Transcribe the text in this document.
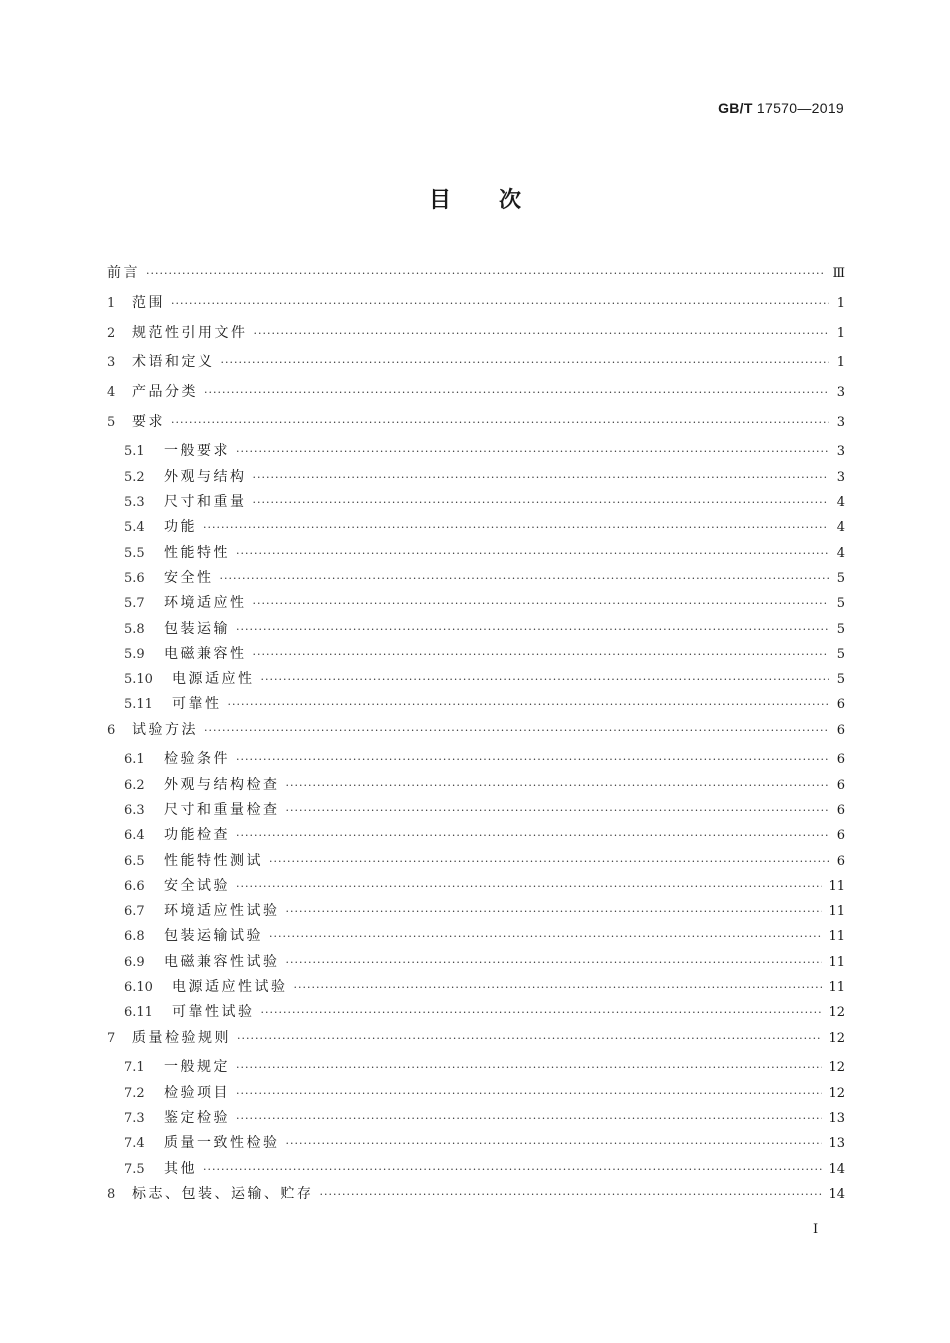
GB/T 17570—2019
目次
前言 ·····	Ⅲ
1	范围 ·····	1
2	规范性引用文件 ·····	1
3	术语和定义 ·····	1
4	产品分类 ·····	3
5	要求 ·····	3
5.1	一般要求 ·····	3
5.2	外观与结构 ·····	3
5.3	尺寸和重量 ·····	4
5.4	功能 ·····	4
5.5	性能特性 ·····	4
5.6	安全性 ·····	5
5.7	环境适应性 ·····	5
5.8	包装运输 ·····	5
5.9	电磁兼容性 ·····	5
5.10	电源适应性 ·····	5
5.11	可靠性 ·····	6
6	试验方法 ·····	6
6.1	检验条件 ·····	6
6.2	外观与结构检查 ·····	6
6.3	尺寸和重量检查 ·····	6
6.4	功能检查 ·····	6
6.5	性能特性测试 ·····	6
6.6	安全试验 ·····	11
6.7	环境适应性试验 ·····	11
6.8	包装运输试验 ·····	11
6.9	电磁兼容性试验 ·····	11
6.10	电源适应性试验 ·····	11
6.11	可靠性试验 ·····	12
7	质量检验规则 ·····	12
7.1	一般规定 ·····	12
7.2	检验项目 ·····	12
7.3	鉴定检验 ·····	13
7.4	质量一致性检验 ·····	13
7.5	其他 ·····	14
8	标志、包装、运输、贮存 ·····	14
I
